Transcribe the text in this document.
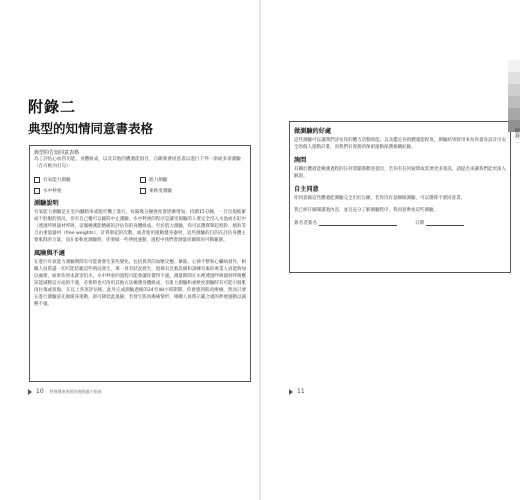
附錄二
典型的知情同意書表格
典型的告知同意表格
為了評估心血管功能、身體組成，以及其他的體適能項目，自願簽署同意書以進行下列一項或多項測驗（在方框內打勾）：
有氧能力測驗	肌力測驗
水中秤重	柔軟度測驗
測驗說明
有氧能力測驗是在室內腳踏車或跑步機上進行，每隔幾分鐘強度會逐漸增加，持續15分鐘，一旦出現疲累或不舒服的情況，你有自己權可以隨時中止測驗。水中秤重的程序是讓受測驗的人要完全沒入水池或水缸中（透過呼吸器材呼吸，這個檢測能精確的評估你的身體組成。至於肌力測驗，你可以選擇舉起啞鈴、槓鈴等自由重量器材（free weights），計算舉起的次數，或者使用運動健身器材，這些測驗的目的在評估身體主要肌群的力量，而在柔軟度測驗時，你要做一些伸展運動，過程中我們會測量你關節的可動範圍。
風險與不適
在進行有氧能力測驗期間有可能會發生某些變化，包括異常的血壓反應、暈眩、心律不整和心臟病發作，相關人員將盡一切可能防範這些情況發生，萬一真有狀況發生，現場有急救設備和訓練有素的專業人員能夠加以處理，如果你原本就害怕水，水中秤重的過程可能會讓你覺得不適，測量期間在水裡透過呼吸器材呼吸應該能減輕這方面的不適，必要時也可改用其他方法檢測身體組成，有肌力測驗和柔軟度測驗時有可能引發肌肉拉傷或扭傷，在以上各項評估後，此外完成測驗過後的24至48小時期間，你會感到肌肉痠痛，然而只要在進行測驗前先做暖身運動，即可降低此風險，若發生肌肉痠痛情形，相關人員將示範合適的伸展運動以減輕不適。
10 特殊健康族群的運動處方指南
做測驗的好處
這些測驗可以讓我們評估你的體力活動效能，以及鑑定你的體適能程度，測驗結果將用來為你量身設計出安全的個人運動計畫，而我們有義務的保密運動保護相關紀錄。
詢問
有關於體適能檢測過程的任何問題都歡迎提出，若你有任何疑問或需要更多資訊，請提出來讓我們能更深入解說。
自主同意
你同意做這些體適能測驗完全出於自願，若你沒有意願做測驗，可以選擇不要同意書。
我已經仔細閱讀過內容，並且充分了解測驗程序，我同意參加這些測驗。
簽名者簽名	日期
11
附錄二
